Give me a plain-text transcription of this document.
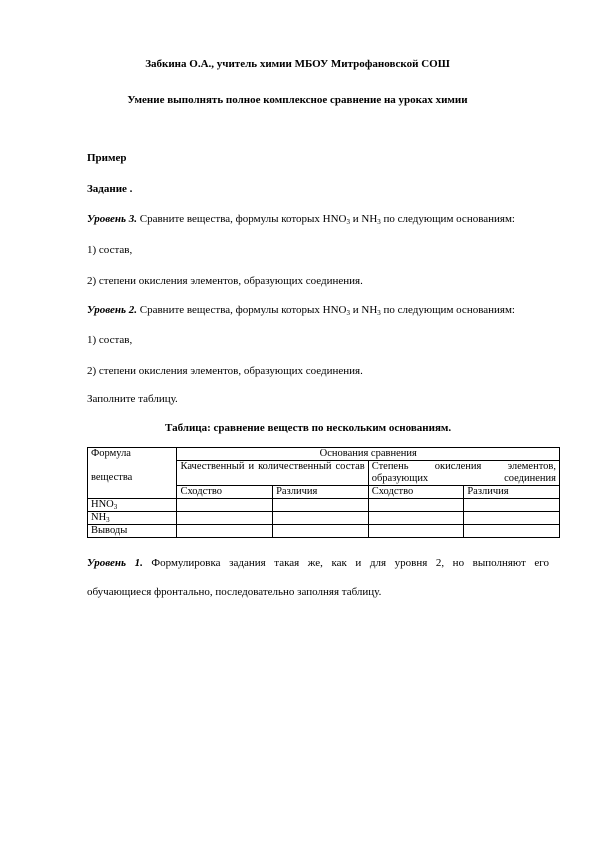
Забкина О.А., учитель химии МБОУ Митрофановской СОШ
Умение выполнять полное комплексное сравнение на уроках химии
Пример
Задание .
Уровень 3. Сравните вещества, формулы которых $HNO_3$ и $NH_3$ по следующим основаниям:
1) состав,
2) степени окисления элементов, образующих соединения.
Уровень 2. Сравните вещества, формулы которых $HNO_3$ и $NH_3$ по следующим основаниям:
1) состав,
2) степени окисления элементов, образующих соединения.
Заполните таблицу.
Таблица: сравнение веществ по нескольким основаниям.
Формула
вещества	Основания сравнения			
	Качественный и количественный состав		Степень окисления элементов, образующих соединения	
	Сходство	Различия	Сходство	Различия
$HNO_3$				
$NH_3$				
Выводы				
Уровень 1. Формулировка задания такая же, как и для уровня 2, но выполняют его
обучающиеся фронтально, последовательно заполняя таблицу.
